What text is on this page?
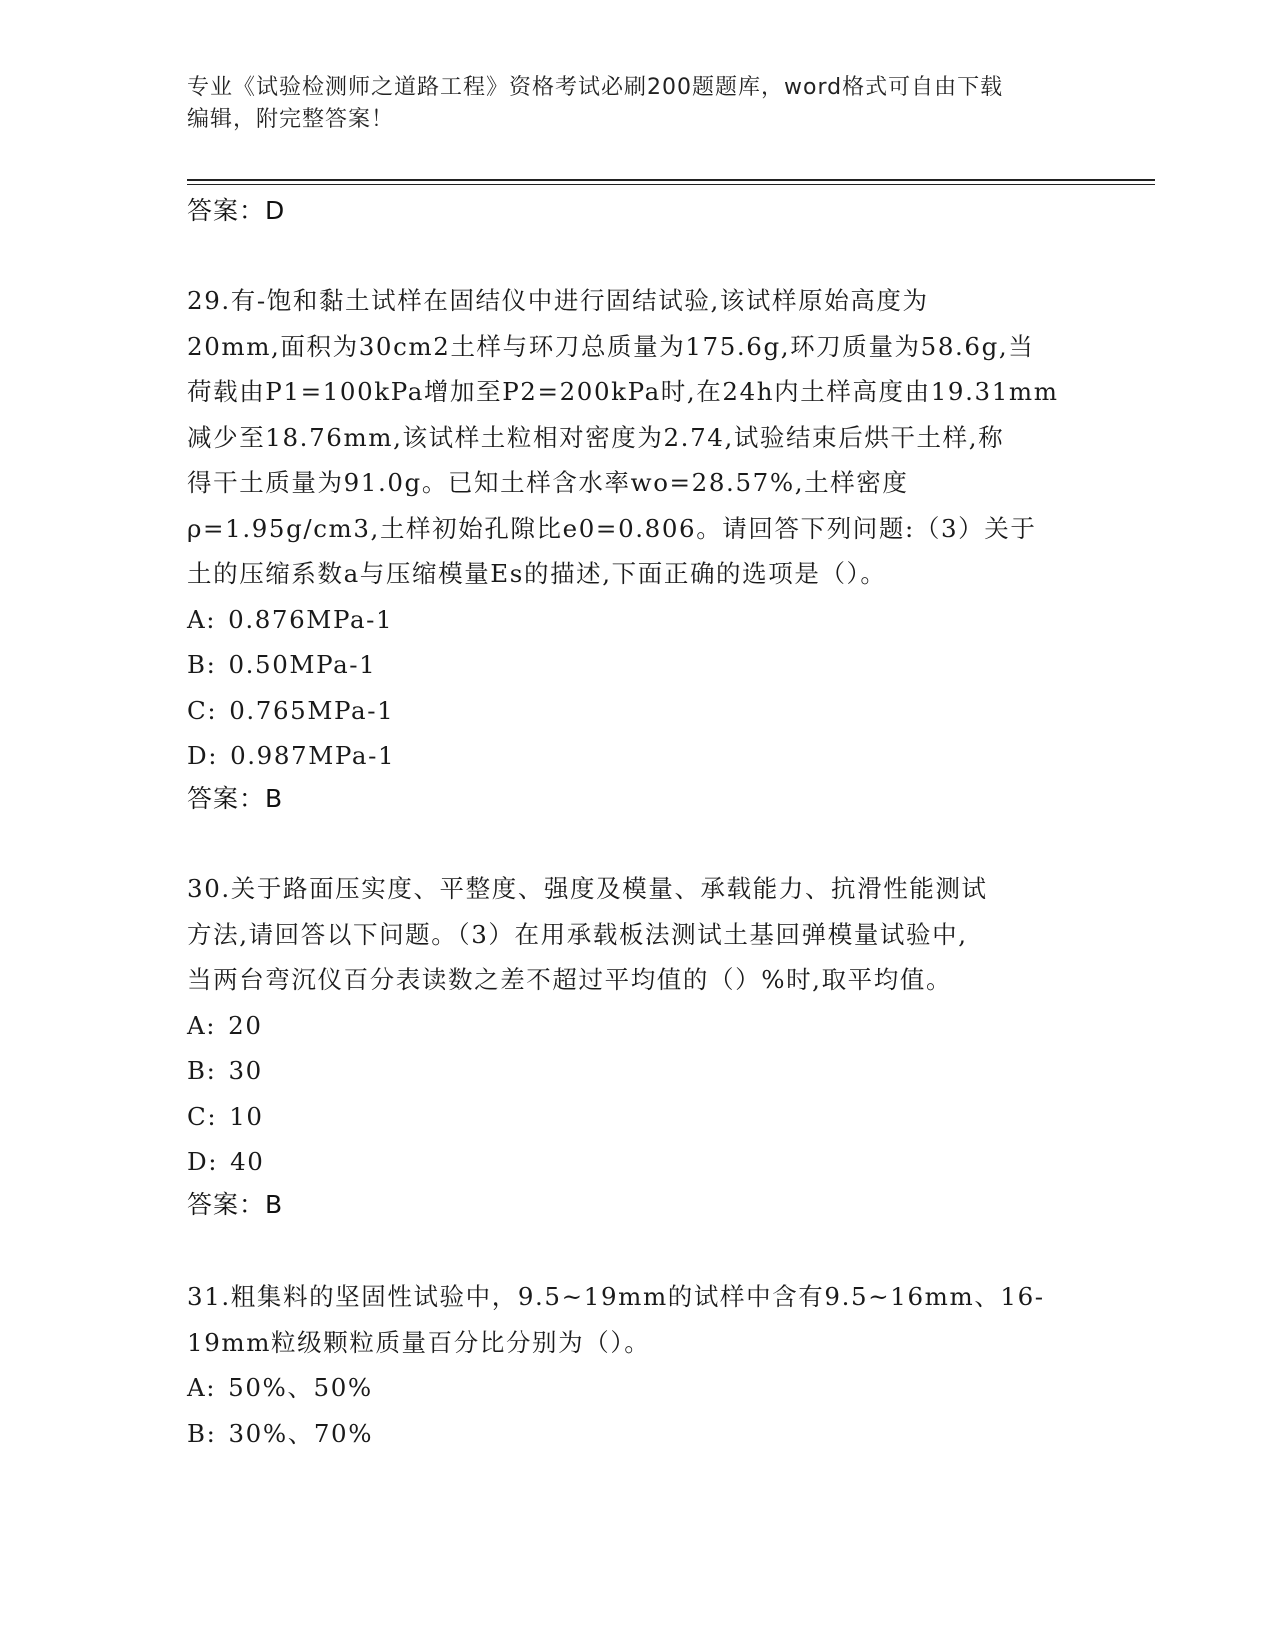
专业《试验检测师之道路工程》资格考试必刷200题题库，word格式可自由下载
编辑，附完整答案！
答案：D

29.有-饱和黏土试样在固结仪中进行固结试验,该试样原始高度为

20mm,面积为30cm2土样与环刀总质量为175.6g,环刀质量为58.6g,当

荷载由P1=100kPa增加至P2=200kPa时,在24h内土样高度由19.31mm

减少至18.76mm,该试样土粒相对密度为2.74,试验结束后烘干土样,称

得干土质量为91.0g。已知土样含水率wo=28.57%,土样密度

ρ=1.95g/cm3,土样初始孔隙比e0=0.806。请回答下列问题:（3）关于

土的压缩系数a与压缩模量Es的描述,下面正确的选项是（）。

A: 0.876MPa-1
B: 0.50MPa-1
C: 0.765MPa-1
D: 0.987MPa-1
答案：B

30.关于路面压实度、平整度、强度及模量、承载能力、抗滑性能测试

方法,请回答以下问题。（3）在用承载板法测试土基回弹模量试验中,

当两台弯沉仪百分表读数之差不超过平均值的（）%时,取平均值。

A: 20
B: 30
C: 10
D: 40
答案：B

31.粗集料的坚固性试验中，9.5~19mm的试样中含有9.5~16mm、16-

19mm粒级颗粒质量百分比分别为（）。

A: 50%、50%
B: 30%、70%
